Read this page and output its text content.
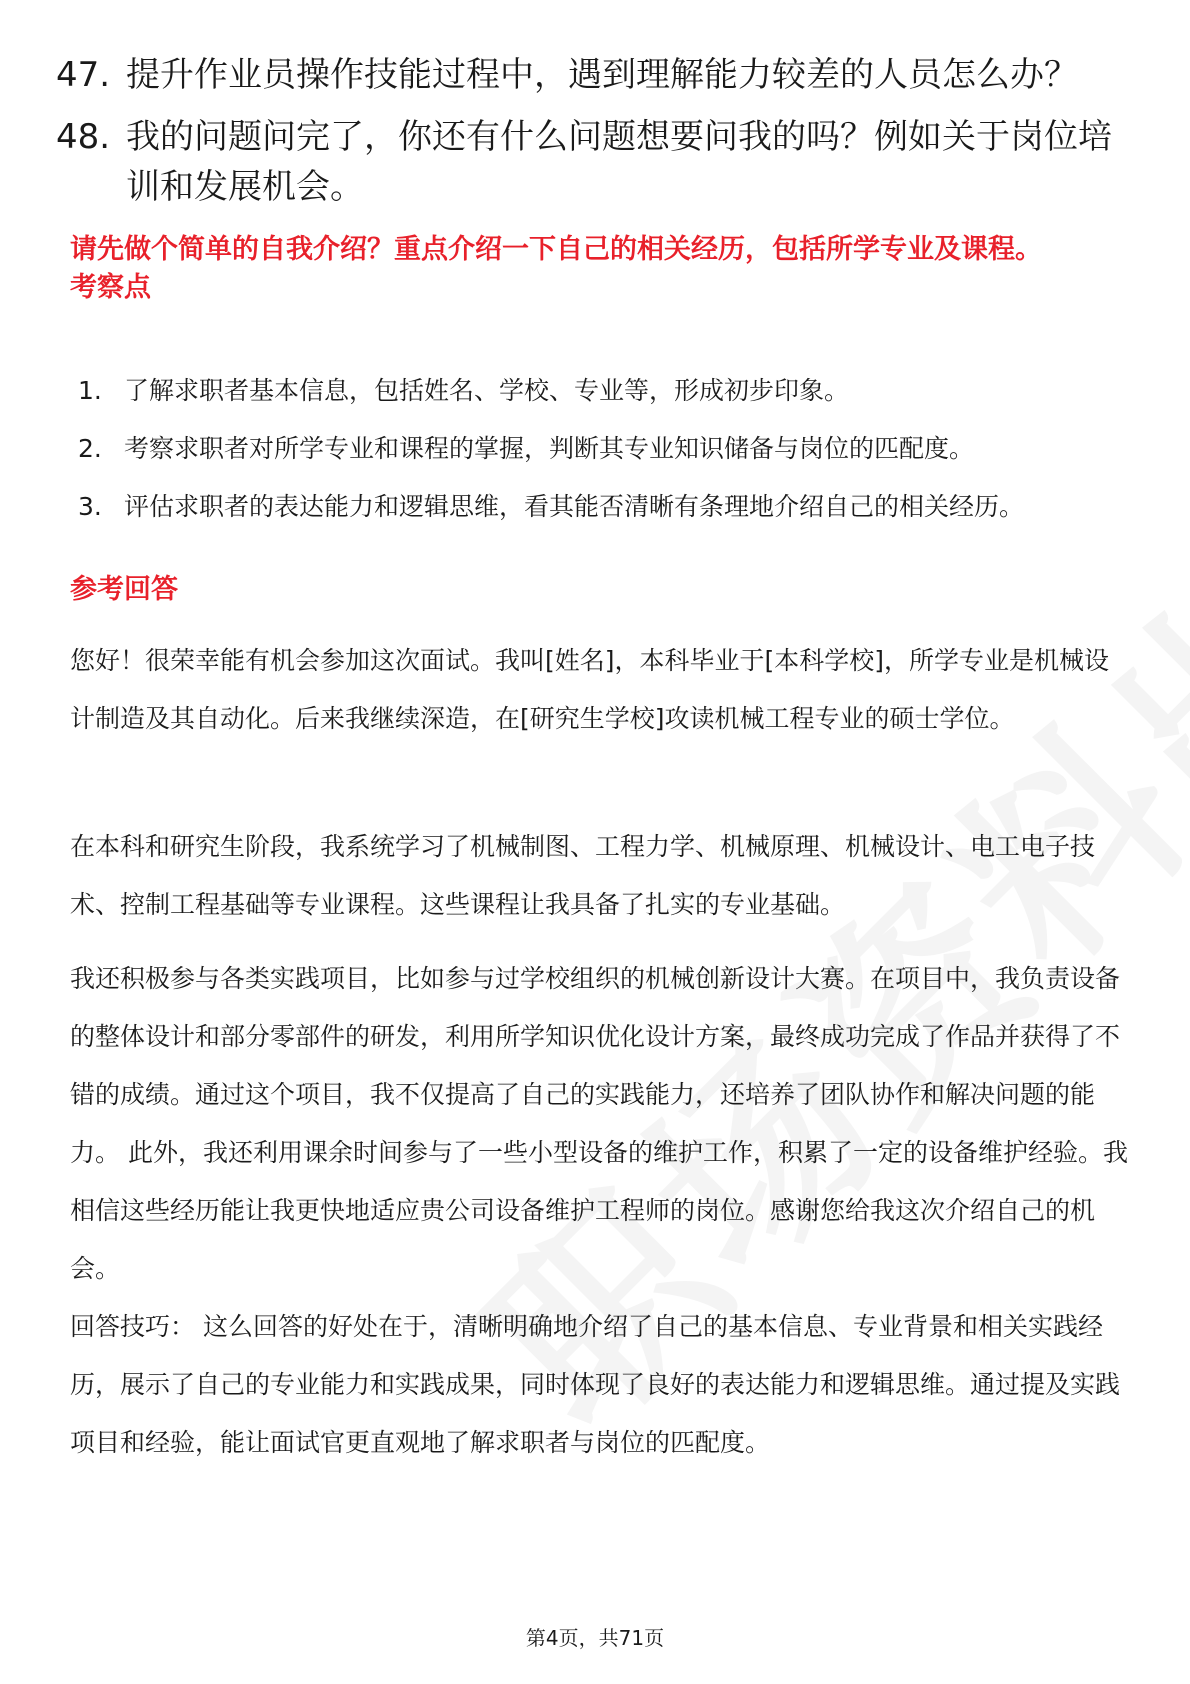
47. 提升作业员操作技能过程中，遇到理解能力较差的人员怎么办？
48. 我的问题问完了，你还有什么问题想要问我的吗？例如关于岗位培训和发展机会。
请先做个简单的自我介绍？重点介绍一下自己的相关经历，包括所学专业及课程。
考察点
1. 了解求职者基本信息，包括姓名、学校、专业等，形成初步印象。
2. 考察求职者对所学专业和课程的掌握，判断其专业知识储备与岗位的匹配度。
3. 评估求职者的表达能力和逻辑思维，看其能否清晰有条理地介绍自己的相关经历。
参考回答
您好！很荣幸能有机会参加这次面试。我叫[姓名]，本科毕业于[本科学校]，所学专业是机械设计制造及其自动化。后来我继续深造，在[研究生学校]攻读机械工程专业的硕士学位。
在本科和研究生阶段，我系统学习了机械制图、工程力学、机械原理、机械设计、电工电子技术、控制工程基础等专业课程。这些课程让我具备了扎实的专业基础。
我还积极参与各类实践项目，比如参与过学校组织的机械创新设计大赛。在项目中，我负责设备的整体设计和部分零部件的研发，利用所学知识优化设计方案，最终成功完成了作品并获得了不错的成绩。通过这个项目，我不仅提高了自己的实践能力，还培养了团队协作和解决问题的能力。 此外，我还利用课余时间参与了一些小型设备的维护工作，积累了一定的设备维护经验。我相信这些经历能让我更快地适应贵公司设备维护工程师的岗位。感谢您给我这次介绍自己的机会。
回答技巧： 这么回答的好处在于，清晰明确地介绍了自己的基本信息、专业背景和相关实践经历，展示了自己的专业能力和实践成果，同时体现了良好的表达能力和逻辑思维。通过提及实践项目和经验，能让面试官更直观地了解求职者与岗位的匹配度。
第4页，共71页
